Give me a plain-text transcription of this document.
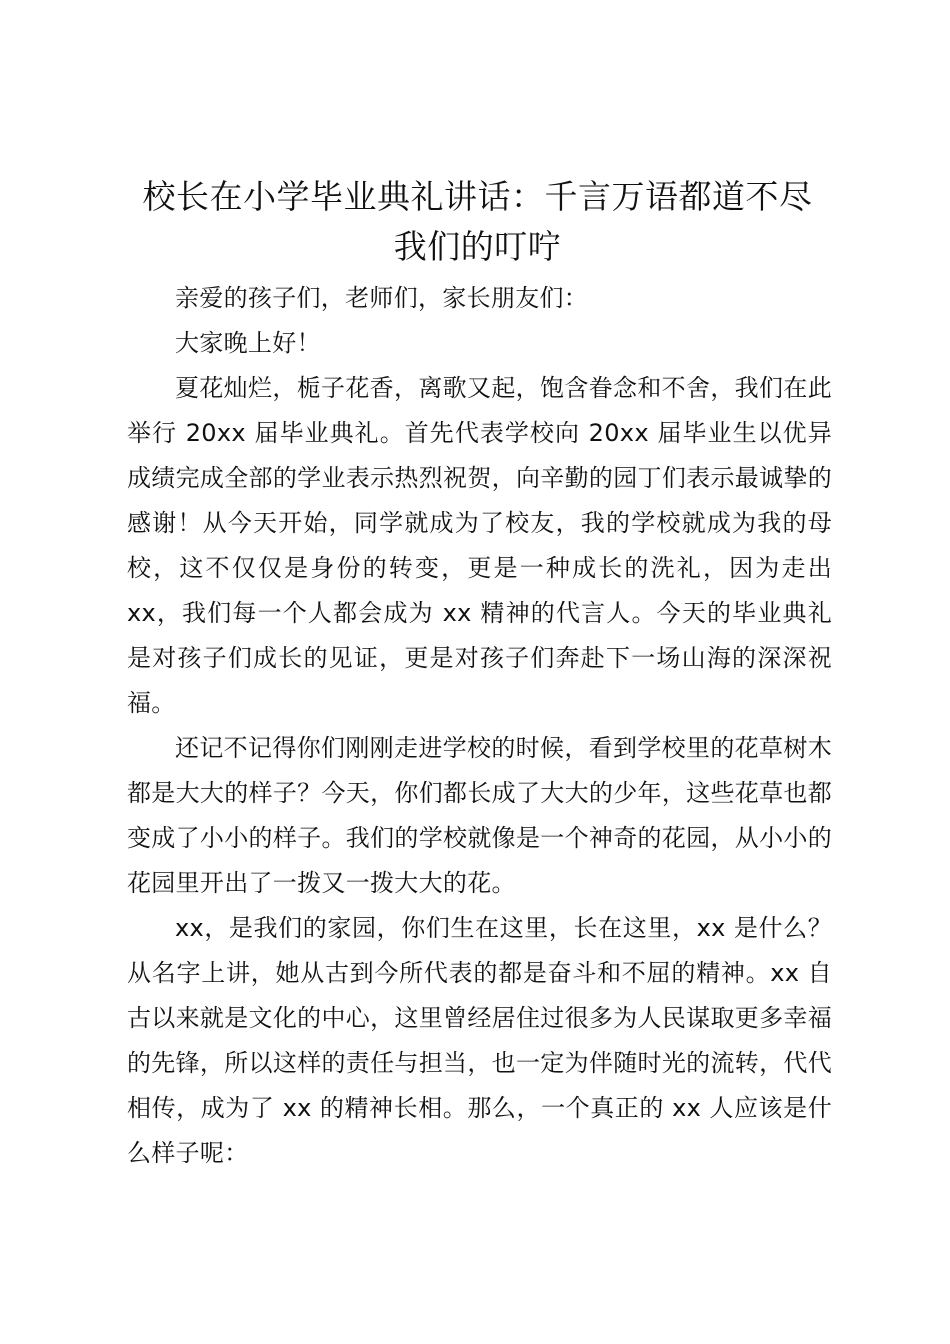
校长在小学毕业典礼讲话：千言万语都道不尽
我们的叮咛

亲爱的孩子们，老师们，家长朋友们：

大家晚上好！

夏花灿烂，栀子花香，离歌又起，饱含眷念和不舍，我们在此举行 20xx 届毕业典礼。首先代表学校向 20xx 届毕业生以优异成绩完成全部的学业表示热烈祝贺，向辛勤的园丁们表示最诚挚的感谢！从今天开始，同学就成为了校友，我的学校就成为我的母校，这不仅仅是身份的转变，更是一种成长的洗礼，因为走出 xx，我们每一个人都会成为 xx 精神的代言人。今天的毕业典礼是对孩子们成长的见证，更是对孩子们奔赴下一场山海的深深祝福。

还记不记得你们刚刚走进学校的时候，看到学校里的花草树木都是大大的样子？今天，你们都长成了大大的少年，这些花草也都变成了小小的样子。我们的学校就像是一个神奇的花园，从小小的花园里开出了一拨又一拨大大的花。

xx，是我们的家园，你们生在这里，长在这里，xx 是什么？从名字上讲，她从古到今所代表的都是奋斗和不屈的精神。xx 自古以来就是文化的中心，这里曾经居住过很多为人民谋取更多幸福的先锋，所以这样的责任与担当，也一定为伴随时光的流转，代代相传，成为了 xx 的精神长相。那么，一个真正的 xx 人应该是什么样子呢：
